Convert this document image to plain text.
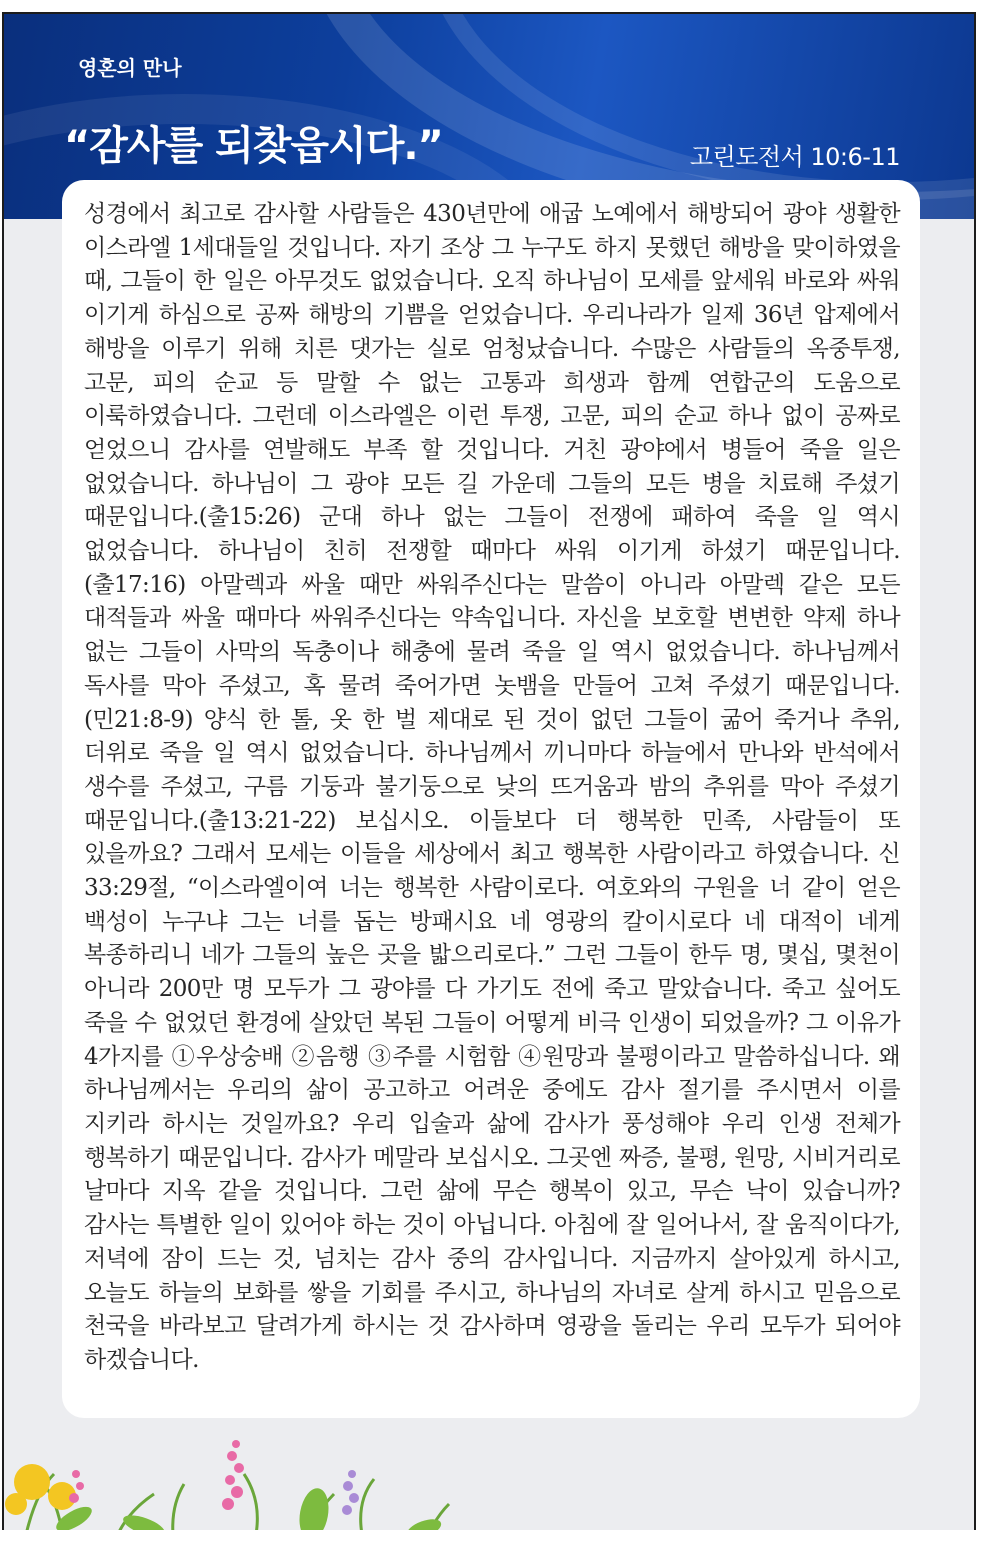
영혼의 만나
“감사를 되찾읍시다.”	고린도전서 10:6-11

성경에서 최고로 감사할 사람들은 430년만에 애굽 노예에서 해방되어 광야 생활한 이스라엘 1세대들일 것입니다. 자기 조상 그 누구도 하지 못했던 해방을 맞이하였을 때, 그들이 한 일은 아무것도 없었습니다. 오직 하나님이 모세를 앞세워 바로와 싸워 이기게 하심으로 공짜 해방의 기쁨을 얻었습니다. 우리나라가 일제 36년 압제에서 해방을 이루기 위해 치른 댓가는 실로 엄청났습니다. 수많은 사람들의 옥중투쟁, 고문, 피의 순교 등 말할 수 없는 고통과 희생과 함께 연합군의 도움으로 이룩하였습니다. 그런데 이스라엘은 이런 투쟁, 고문, 피의 순교 하나 없이 공짜로 얻었으니 감사를 연발해도 부족 할 것입니다. 거친 광야에서 병들어 죽을 일은 없었습니다. 하나님이 그 광야 모든 길 가운데 그들의 모든 병을 치료해 주셨기 때문입니다.(출15:26) 군대 하나 없는 그들이 전쟁에 패하여 죽을 일 역시 없었습니다. 하나님이 친히 전쟁할 때마다 싸워 이기게 하셨기 때문입니다. (출17:16) 아말렉과 싸울 때만 싸워주신다는 말씀이 아니라 아말렉 같은 모든 대적들과 싸울 때마다 싸워주신다는 약속입니다. 자신을 보호할 변변한 약제 하나 없는 그들이 사막의 독충이나 해충에 물려 죽을 일 역시 없었습니다. 하나님께서 독사를 막아 주셨고, 혹 물려 죽어가면 놋뱀을 만들어 고쳐 주셨기 때문입니다.(민21:8-9) 양식 한 톨, 옷 한 벌 제대로 된 것이 없던 그들이 굶어 죽거나 추위, 더위로 죽을 일 역시 없었습니다. 하나님께서 끼니마다 하늘에서 만나와 반석에서 생수를 주셨고, 구름 기둥과 불기둥으로 낮의 뜨거움과 밤의 추위를 막아 주셨기 때문입니다.(출13:21-22) 보십시오. 이들보다 더 행복한 민족, 사람들이 또 있을까요? 그래서 모세는 이들을 세상에서 최고 행복한 사람이라고 하였습니다. 신 33:29절, “이스라엘이여 너는 행복한 사람이로다. 여호와의 구원을 너 같이 얻은 백성이 누구냐 그는 너를 돕는 방패시요 네 영광의 칼이시로다 네 대적이 네게 복종하리니 네가 그들의 높은 곳을 밟으리로다.” 그런 그들이 한두 명, 몇십, 몇천이 아니라 200만 명 모두가 그 광야를 다 가기도 전에 죽고 말았습니다. 죽고 싶어도 죽을 수 없었던 환경에 살았던 복된 그들이 어떻게 비극 인생이 되었을까? 그 이유가 4가지를 ①우상숭배 ②음행 ③주를 시험함 ④원망과 불평이라고 말씀하십니다. 왜 하나님께서는 우리의 삶이 공고하고 어려운 중에도 감사 절기를 주시면서 이를 지키라 하시는 것일까요? 우리 입술과 삶에 감사가 풍성해야 우리 인생 전체가 행복하기 때문입니다. 감사가 메말라 보십시오. 그곳엔 짜증, 불평, 원망, 시비거리로 날마다 지옥 같을 것입니다. 그런 삶에 무슨 행복이 있고, 무슨 낙이 있습니까? 감사는 특별한 일이 있어야 하는 것이 아닙니다. 아침에 잘 일어나서, 잘 움직이다가, 저녁에 잠이 드는 것, 넘치는 감사 중의 감사입니다. 지금까지 살아있게 하시고, 오늘도 하늘의 보화를 쌓을 기회를 주시고, 하나님의 자녀로 살게 하시고 믿음으로 천국을 바라보고 달려가게 하시는 것 감사하며 영광을 돌리는 우리 모두가 되어야 하겠습니다.
